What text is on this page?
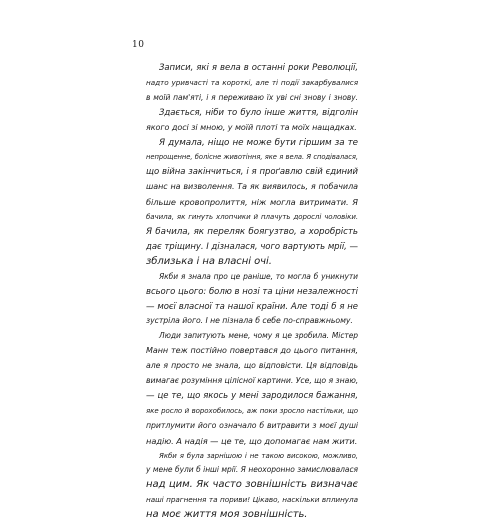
10
Записи, які я вела в останні роки Революції,
надто уривчасті та короткі, але ті події закарбувалися
в моїй пам'яті, і я переживаю їх уві сні знову і знову.
Здається, ніби то було інше життя, відголін
якого досі зі мною, у моїй плоті та моїх нащадках.
Я думала, ніщо не може бути гіршим за те
непрощенне, болісне животіння, яке я вела. Я сподівалася,
що війна закінчиться, і я проґавлю свій єдиний
шанс на визволення. Та як виявилось, я побачила
більше кровопролиття, ніж могла витримати. Я
бачила, як гинуть хлопчики й плачуть дорослі чоловіки.
Я бачила, як переляк боягузтво, а хоробрість
дає тріщину. І дізналася, чого вартують мрії, —
зблизька і на власні очі.
Якби я знала про це раніше, то могла б уникнути
всього цього: болю в нозі та ціни незалежності
— моєї власної та нашої країни. Але тоді б я не
зустріла його. І не пізнала б себе по-справжньому.
Люди запитують мене, чому я це зробила. Містер
Манн теж постійно повертався до цього питання,
але я просто не знала, що відповісти. Ця відповідь
вимагає розуміння цілісної картини. Усе, що я знаю,
— це те, що якось у мені зародилося бажання,
яке росло й ворохобилось, аж поки зросло настільки, що
притлумити його означало б витравити з моєї душі
надію. А надія — це те, що допомагає нам жити.
Якби я була зарнішою і не такою високою, можливо,
у мене були б інші мрії. Я неохоронно замислювалася
над цим. Як часто зовнішність визначає
наші прагнення та пориви! Цікаво, наскільки вплинула
на моє життя моя зовнішність.
